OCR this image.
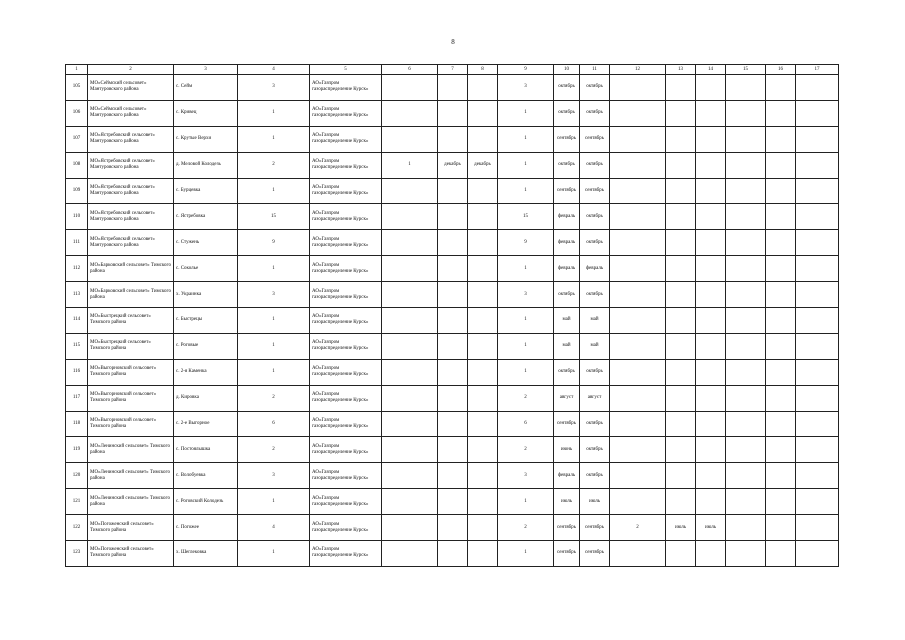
8
1	2	3	4	5	6	7	8	9	10	11	12	13	14	15	16	17
105	МО«Сеймский сельсовет» Мантуровского района	с. Сейм	3	АО«Газпром газораспределение Курск»				3	октябрь	октябрь						
106	МО«Сеймский сельсовет» Мантуровского района	с. Кривец	1	АО«Газпром газораспределение Курск»				1	октябрь	октябрь						
107	МО«Ястребовский сельсовет» Мантуровского района	с. Крутые Верхи	1	АО«Газпром газораспределение Курск»				1	сентябрь	сентябрь						
108	МО«Ястребовский сельсовет» Мантуровского района	д. Меловой Колодезь	2	АО«Газпром газораспределение Курск»	1	декабрь	декабрь	1	октябрь	октябрь						
109	МО«Ястребовский сельсовет» Мантуровского района	с. Бурцевка	1	АО«Газпром газораспределение Курск»				1	сентябрь	сентябрь						
110	МО«Ястребовский сельсовет» Мантуровского района	с. Ястребовка	15	АО«Газпром газораспределение Курск»				15	февраль	октябрь						
111	МО«Ястребовский сельсовет» Мантуровского района	с. Стужень	9	АО«Газпром газораспределение Курск»				9	февраль	октябрь						
112	МО«Барковский сельсовет» Тимского района	с. Соколье	1	АО«Газпром газораспределение Курск»				1	февраль	февраль						
113	МО«Барковский сельсовет» Тимского района	х. Украинка	3	АО«Газпром газораспределение Курск»				3	октябрь	октябрь						
114	МО«Быстрецкий сельсовет» Тимского района	с. Быстрецы	1	АО«Газпром газораспределение Курск»				1	май	май						
115	МО«Быстрецкий сельсовет» Тимского района	с. Роговые	1	АО«Газпром газораспределение Курск»				1	май	май						
116	МО«Выгорновский сельсовет» Тимского района	с. 2-я Каменка	1	АО«Газпром газораспределение Курск»				1	октябрь	октябрь						
117	МО«Выгорновский сельсовет» Тимского района	д. Кировка	2	АО«Газпром газораспределение Курск»				2	август	август						
118	МО«Выгорновский сельсовет» Тимского района	с. 2-е Выгорное	6	АО«Газпром газораспределение Курск»				6	сентябрь	октябрь						
119	МО«Ленинский сельсовет» Тимского района	с. Постоялышка	2	АО«Газпром газораспределение Курск»				2	июнь	октябрь						
120	МО«Ленинский сельсовет» Тимского района	с. Волобуевка	3	АО«Газпром газораспределение Курск»				3	февраль	октябрь						
121	МО«Ленинский сельсовет» Тимского района	с. Роговский Колодезь	1	АО«Газпром газораспределение Курск»				1	июль	июль						
122	МО«Погоженский сельсовет» Тимского района	с. Погожее	4	АО«Газпром газораспределение Курск»				2	сентябрь	сентябрь	2	июль	июль			
123	МО«Погоженский сельсовет» Тимского района	х. Шеглековка	1	АО«Газпром газораспределение Курск»				1	сентябрь	сентябрь						
